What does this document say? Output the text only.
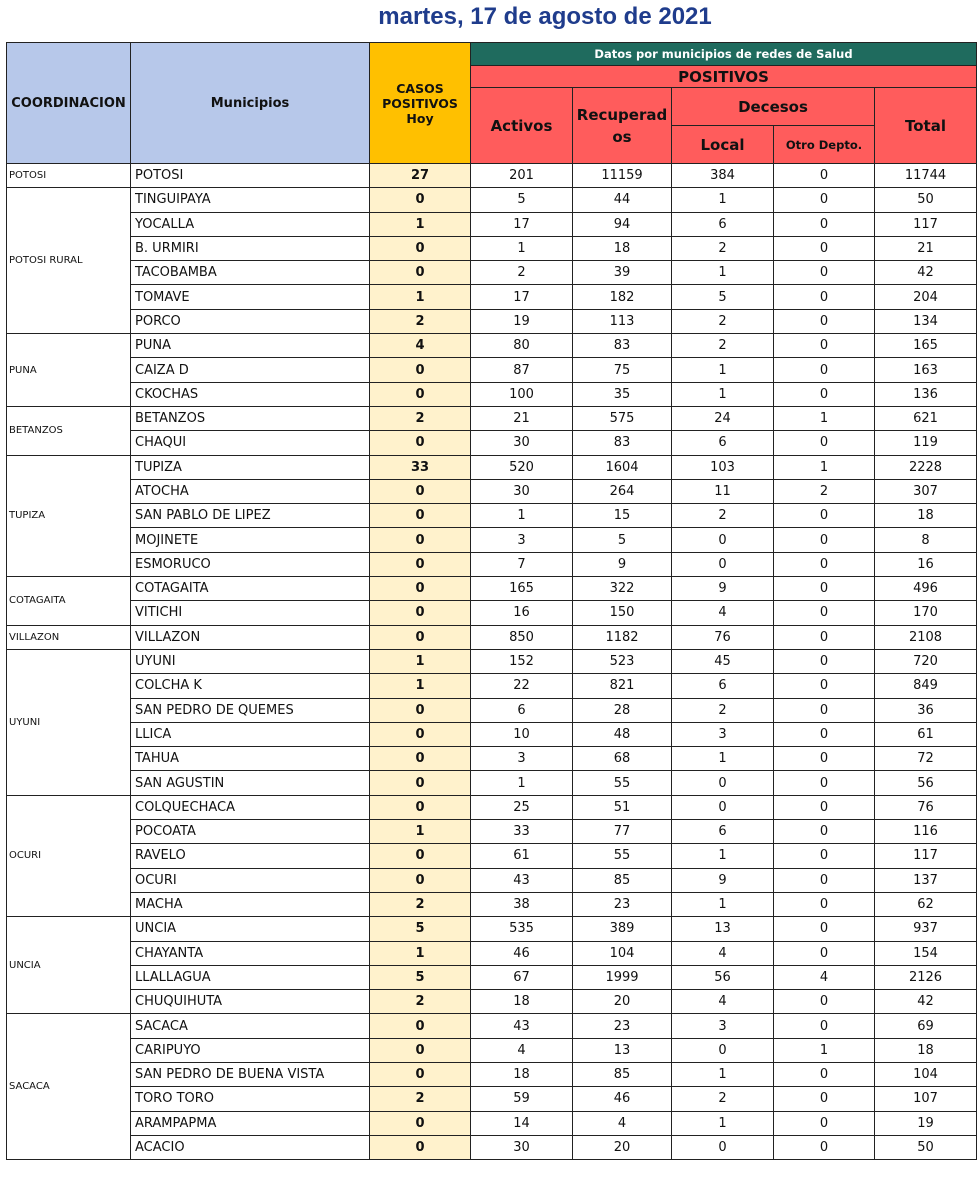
martes, 17 de agosto de 2021
COORDINACION	Municipios	CASOS POSITIVOS Hoy	Datos por municipios de redes de Salud				
			POSITIVOS				
			Activos	Recuperados	Decesos		Total
					Local	Otro Depto.	
POTOSI	POTOSI	27	201	11159	384	0	11744
POTOSI RURAL	TINGUIPAYA	0	5	44	1	0	50
	YOCALLA	1	17	94	6	0	117
	B. URMIRI	0	1	18	2	0	21
	TACOBAMBA	0	2	39	1	0	42
	TOMAVE	1	17	182	5	0	204
	PORCO	2	19	113	2	0	134
PUNA	PUNA	4	80	83	2	0	165
	CAIZA D	0	87	75	1	0	163
	CKOCHAS	0	100	35	1	0	136
BETANZOS	BETANZOS	2	21	575	24	1	621
	CHAQUI	0	30	83	6	0	119
TUPIZA	TUPIZA	33	520	1604	103	1	2228
	ATOCHA	0	30	264	11	2	307
	SAN PABLO DE LIPEZ	0	1	15	2	0	18
	MOJINETE	0	3	5	0	0	8
	ESMORUCO	0	7	9	0	0	16
COTAGAITA	COTAGAITA	0	165	322	9	0	496
	VITICHI	0	16	150	4	0	170
VILLAZON	VILLAZON	0	850	1182	76	0	2108
UYUNI	UYUNI	1	152	523	45	0	720
	COLCHA K	1	22	821	6	0	849
	SAN PEDRO DE QUEMES	0	6	28	2	0	36
	LLICA	0	10	48	3	0	61
	TAHUA	0	3	68	1	0	72
	SAN AGUSTIN	0	1	55	0	0	56
OCURI	COLQUECHACA	0	25	51	0	0	76
	POCOATA	1	33	77	6	0	116
	RAVELO	0	61	55	1	0	117
	OCURI	0	43	85	9	0	137
	MACHA	2	38	23	1	0	62
UNCIA	UNCIA	5	535	389	13	0	937
	CHAYANTA	1	46	104	4	0	154
	LLALLAGUA	5	67	1999	56	4	2126
	CHUQUIHUTA	2	18	20	4	0	42
SACACA	SACACA	0	43	23	3	0	69
	CARIPUYO	0	4	13	0	1	18
	SAN PEDRO DE BUENA VISTA	0	18	85	1	0	104
	TORO TORO	2	59	46	2	0	107
	ARAMPAPMA	0	14	4	1	0	19
	ACACIO	0	30	20	0	0	50
